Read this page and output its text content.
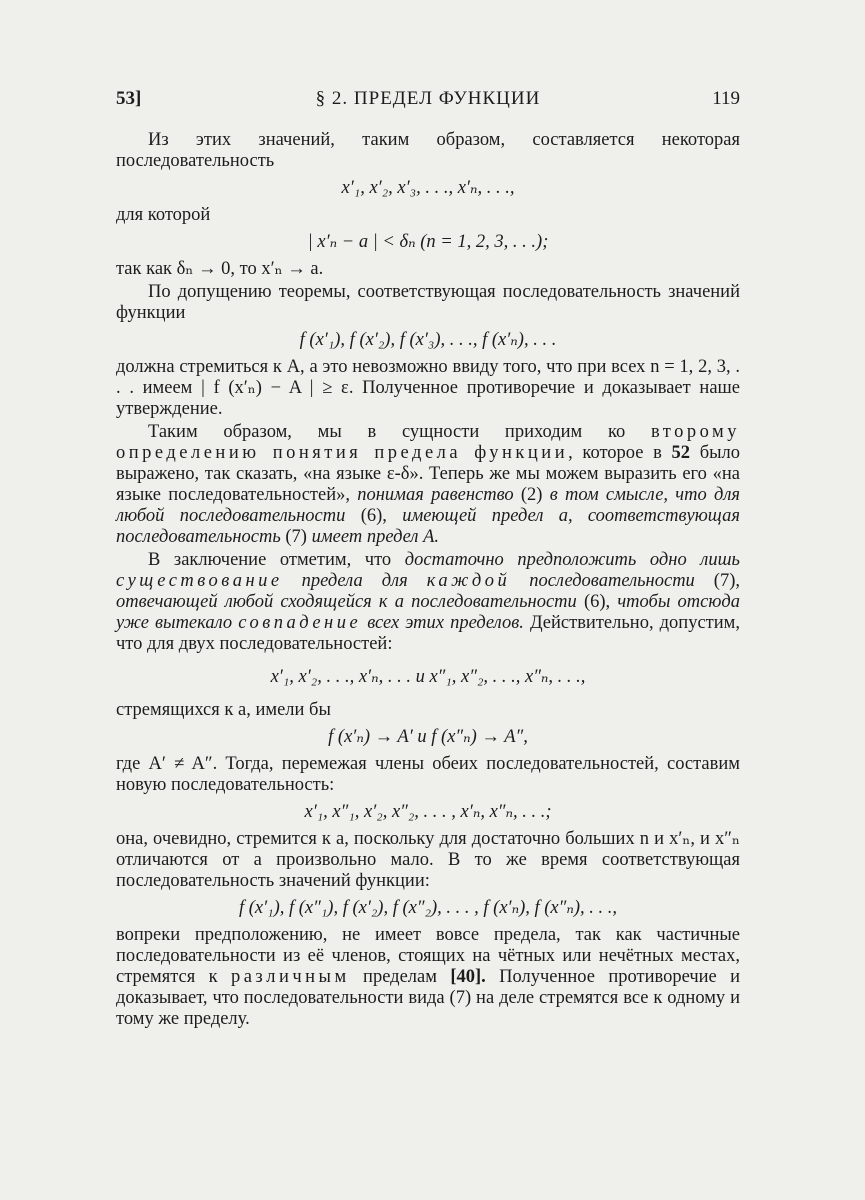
53]	§ 2. ПРЕДЕЛ ФУНКЦИИ	119

Из этих значений, таким образом, составляется некоторая последовательность

x′₁, x′₂, x′₃, . . ., x′ₙ, . . .,

для которой

| x′ₙ − a | < δₙ (n = 1, 2, 3, . . .);

так как δₙ → 0, то x′ₙ → a.

По допущению теоремы, соответствующая последовательность значений функции

f (x′₁), f (x′₂), f (x′₃), . . ., f (x′ₙ), . . .

должна стремиться к A, а это невозможно ввиду того, что при всех n = 1, 2, 3, . . . имеем | f (x′ₙ) − A | ≥ ε. Полученное противоречие и доказывает наше утверждение.

Таким образом, мы в сущности приходим ко второму определению понятия предела функции, которое в 52 было выражено, так сказать, «на языке ε-δ». Теперь же мы можем выразить его «на языке последовательностей», понимая равенство (2) в том смысле, что для любой последовательности (6), имеющей предел a, соответствующая последовательность (7) имеет предел A.

В заключение отметим, что достаточно предположить одно лишь существование предела для каждой последовательности (7), отвечающей любой сходящейся к a последовательности (6), чтобы отсюда уже вытекало совпадение всех этих пределов. Действительно, допустим, что для двух последовательностей:

x′₁, x′₂, . . ., x′ₙ, . . . и x″₁, x″₂, . . ., x″ₙ, . . .,

стремящихся к a, имели бы

f (x′ₙ) → A′ и f (x″ₙ) → A″,

где A′ ≠ A″. Тогда, перемежая члены обеих последовательностей, составим новую последовательность:

x′₁, x″₁, x′₂, x″₂, . . . , x′ₙ, x″ₙ, . . .;

она, очевидно, стремится к a, поскольку для достаточно больших n и x′ₙ, и x″ₙ отличаются от a произвольно мало. В то же время соответствующая последовательность значений функции:

f (x′₁), f (x″₁), f (x′₂), f (x″₂), . . . , f (x′ₙ), f (x″ₙ), . . .,

вопреки предположению, не имеет вовсе предела, так как частичные последовательности из её членов, стоящих на чётных или нечётных местах, стремятся к различным пределам [40]. Полученное противоречие и доказывает, что последовательности вида (7) на деле стремятся все к одному и тому же пределу.
